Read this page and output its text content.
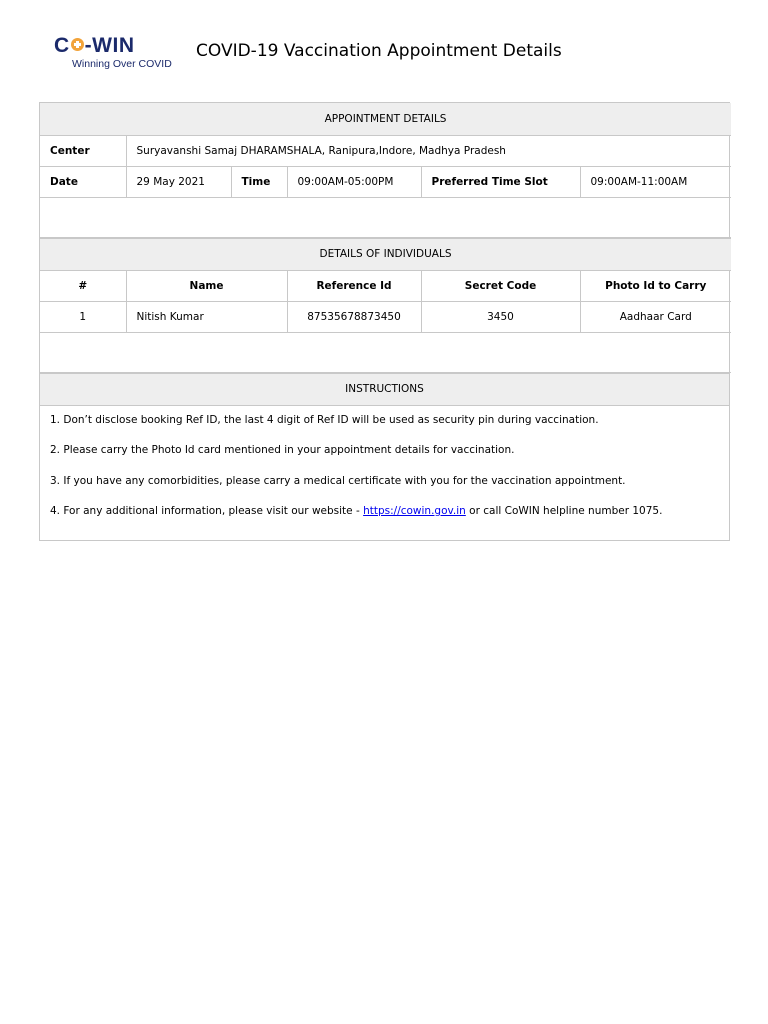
C -WIN
Winning Over COVID
COVID-19 Vaccination Appointment Details
APPOINTMENT DETAILS					
Center	Suryavanshi Samaj DHARAMSHALA, Ranipura,Indore, Madhya Pradesh				
Date	29 May 2021	Time	09:00AM-05:00PM	Preferred Time Slot	09:00AM-11:00AM

DETAILS OF INDIVIDUALS				
#	Name	Reference Id	Secret Code	Photo Id to Carry
1	Nitish Kumar	87535678873450	3450	Aadhaar Card

INSTRUCTIONS

1. Don’t disclose booking Ref ID, the last 4 digit of Ref ID will be used as security pin during vaccination.

2. Please carry the Photo Id card mentioned in your appointment details for vaccination.

3. If you have any comorbidities, please carry a medical certificate with you for the vaccination appointment.

4. For any additional information, please visit our website - https://cowin.gov.in or call CoWIN helpline number 1075.
